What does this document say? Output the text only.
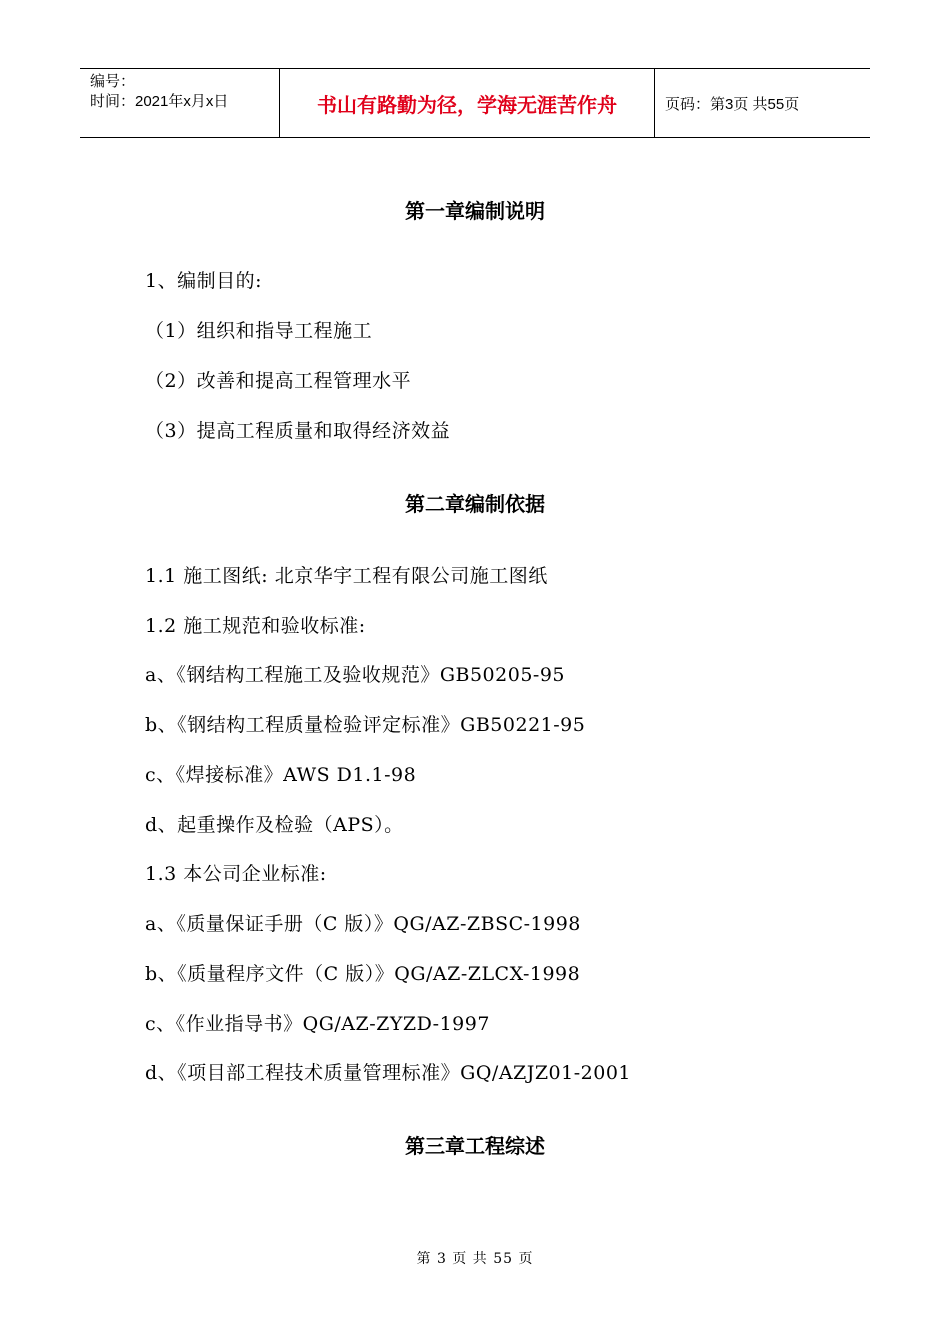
编号：
时间：2021年x月x日	书山有路勤为径，学海无涯苦作舟	页码：第3页 共55页
第一章编制说明
1、编制目的:
（1）组织和指导工程施工
（2）改善和提高工程管理水平
（3）提高工程质量和取得经济效益
第二章编制依据
1.1 施工图纸: 北京华宇工程有限公司施工图纸
1.2 施工规范和验收标准:
a、《钢结构工程施工及验收规范》GB50205-95
b、《钢结构工程质量检验评定标准》GB50221-95
c、《焊接标准》AWS D1.1-98
d、起重操作及检验（APS）。
1.3 本公司企业标准:
a、《质量保证手册（C 版）》QG/AZ-ZBSC-1998
b、《质量程序文件（C 版）》QG/AZ-ZLCX-1998
c、《作业指导书》QG/AZ-ZYZD-1997
d、《项目部工程技术质量管理标准》GQ/AZJZ01-2001
第三章工程综述
第 3 页 共 55 页
